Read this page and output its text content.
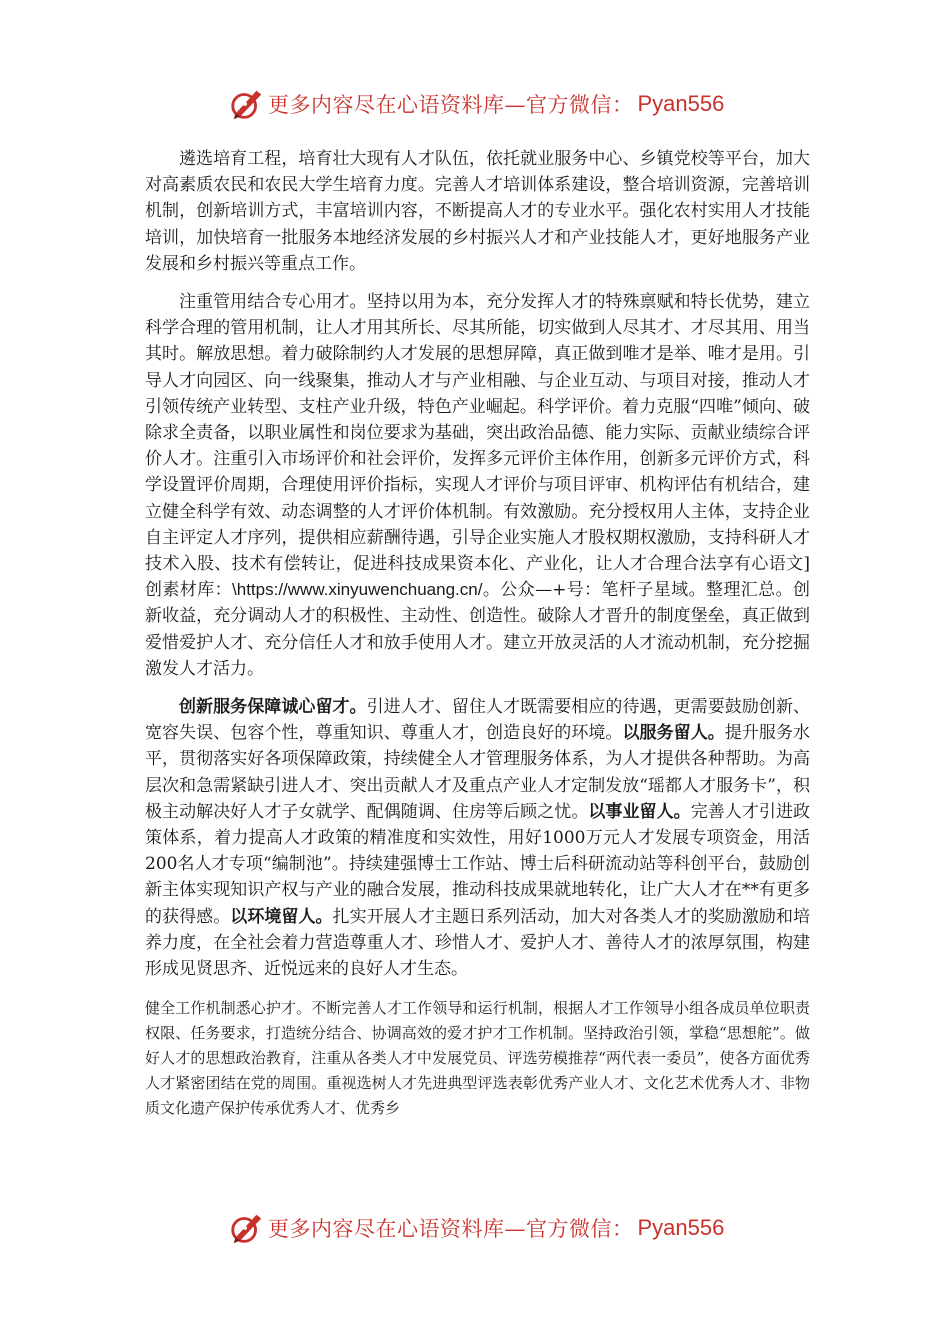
更多内容尽在心语资料库—官方微信： Pyan556

遴选培育工程，培育壮大现有人才队伍，依托就业服务中心、乡镇党校等平台，加大对高素质农民和农民大学生培育力度。完善人才培训体系建设，整合培训资源，完善培训机制，创新培训方式，丰富培训内容，不断提高人才的专业水平。强化农村实用人才技能培训，加快培育一批服务本地经济发展的乡村振兴人才和产业技能人才，更好地服务产业发展和乡村振兴等重点工作。

注重管用结合专心用才。坚持以用为本，充分发挥人才的特殊禀赋和特长优势，建立科学合理的管用机制，让人才用其所长、尽其所能，切实做到人尽其才、才尽其用、用当其时。解放思想。着力破除制约人才发展的思想屏障，真正做到唯才是举、唯才是用。引导人才向园区、向一线聚集，推动人才与产业相融、与企业互动、与项目对接，推动人才引领传统产业转型、支柱产业升级，特色产业崛起。科学评价。着力克服“四唯”倾向、破除求全责备，以职业属性和岗位要求为基础，突出政治品德、能力实际、贡献业绩综合评价人才。注重引入市场评价和社会评价，发挥多元评价主体作用，创新多元评价方式，科学设置评价周期，合理使用评价指标，实现人才评价与项目评审、机构评估有机结合，建立健全科学有效、动态调整的人才评价体机制。有效激励。充分授权用人主体，支持企业自主评定人才序列，提供相应薪酬待遇，引导企业实施人才股权期权激励，支持科研人才技术入股、技术有偿转让，促进科技成果资本化、产业化，让人才合理合法享有心语文]创素材库：\https://www.xinyuwenchuang.cn/。公众—+号：笔杆子星域。整理汇总。创新收益，充分调动人才的积极性、主动性、创造性。破除人才晋升的制度堡垒，真正做到爱惜爱护人才、充分信任人才和放手使用人才。建立开放灵活的人才流动机制，充分挖掘激发人才活力。

创新服务保障诚心留才。引进人才、留住人才既需要相应的待遇，更需要鼓励创新、宽容失误、包容个性，尊重知识、尊重人才，创造良好的环境。以服务留人。提升服务水平，贯彻落实好各项保障政策，持续健全人才管理服务体系，为人才提供各种帮助。为高层次和急需紧缺引进人才、突出贡献人才及重点产业人才定制发放“瑶都人才服务卡”，积极主动解决好人才子女就学、配偶随调、住房等后顾之忧。以事业留人。完善人才引进政策体系，着力提高人才政策的精准度和实效性，用好1000万元人才发展专项资金，用活200名人才专项“编制池”。持续建强博士工作站、博士后科研流动站等科创平台，鼓励创新主体实现知识产权与产业的融合发展，推动科技成果就地转化，让广大人才在**有更多的获得感。以环境留人。扎实开展人才主题日系列活动，加大对各类人才的奖励激励和培养力度，在全社会着力营造尊重人才、珍惜人才、爱护人才、善待人才的浓厚氛围，构建形成见贤思齐、近悦远来的良好人才生态。

健全工作机制悉心护才。不断完善人才工作领导和运行机制，根据人才工作领导小组各成员单位职责权限、任务要求，打造统分结合、协调高效的爱才护才工作机制。坚持政治引领，掌稳“思想舵”。做好人才的思想政治教育，注重从各类人才中发展党员、评选劳模推荐“两代表一委员”，使各方面优秀人才紧密团结在党的周围。重视选树人才先进典型评选表彰优秀产业人才、文化艺术优秀人才、非物质文化遗产保护传承优秀人才、优秀乡

更多内容尽在心语资料库—官方微信： Pyan556
